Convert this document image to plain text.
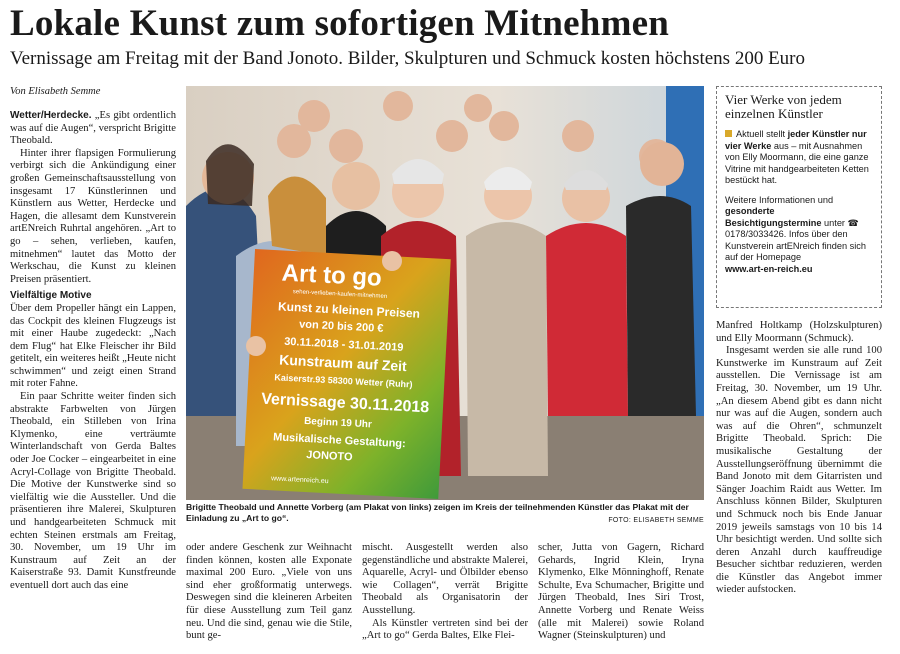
Lokale Kunst zum sofortigen Mitnehmen
Vernissage am Freitag mit der Band Jonoto. Bilder, Skulpturen und Schmuck kosten höchstens 200 Euro
Von Elisabeth Semme

Wetter/Herdecke. „Es gibt ordentlich was auf die Augen“, verspricht Brigitte Theobald.

Hinter ihrer flapsigen Formulierung verbirgt sich die Ankündigung einer großen Gemeinschaftsausstellung von insgesamt 17 Künstlerinnen und Künstlern aus Wetter, Herdecke und Hagen, die allesamt dem Kunstverein artENreich Ruhrtal angehören. „Art to go – sehen, verlieben, kaufen, mitnehmen“ lautet das Motto der Werkschau, die Kunst zu kleinen Preisen präsentiert.

Vielfältige Motive

Über dem Propeller hängt ein Lappen, das Cockpit des kleinen Flugzeugs ist mit einer Haube zugedeckt: „Nach dem Flug“ hat Elke Fleischer ihr Bild getitelt, ein weiteres heißt „Heute nicht schwimmen“ und zeigt einen Strand mit roter Fahne.

Ein paar Schritte weiter finden sich abstrakte Farbwelten von Jürgen Theobald, ein Stilleben von Irina Klymenko, eine verträumte Winterlandschaft von Gerda Baltes oder Joe Cocker – eingearbeitet in eine Acryl-Collage von Brigitte Theobald. Die Motive der Kunstwerke sind so vielfältig wie die Aussteller. Und die präsentieren ihre Malerei, Skulpturen und handgearbeiteten Schmuck mit echten Steinen erstmals am Freitag, 30. November, um 19 Uhr im Kunstraum auf Zeit an der Kaiserstraße 93. Damit Kunstfreunde eventuell dort auch das eine

Art to go
sehen-verlieben-kaufen-mitnehmen
Kunst zu kleinen Preisen
von 20 bis 200 €
30.11.2018 - 31.01.2019
Kunstraum auf Zeit
Kaiserstr.93 58300 Wetter (Ruhr)
Vernissage 30.11.2018
Beginn 19 Uhr
Musikalische Gestaltung:
JONOTO
www.artenreich.eu
Brigitte Theobald und Annette Vorberg (am Plakat von links) zeigen im Kreis der teilnehmenden Künstler das Plakat mit der Einladung zu „Art to go“.	FOTO: ELISABETH SEMME
Vier Werke von jedem einzelnen Künstler

Aktuell stellt jeder Künstler nur vier Werke aus – mit Ausnahmen von Elly Moormann, die eine ganze Vitrine mit handgearbeiteten Ketten bestückt hat.

Weitere Informationen und gesonderte Besichtigungstermine unter ☎ 0178/3033426. Infos über den Kunstverein artENreich finden sich auf der Homepage
www.art-en-reich.eu

Manfred Holtkamp (Holzskulpturen) und Elly Moormann (Schmuck).

Insgesamt werden sie alle rund 100 Kunstwerke im Kunstraum auf Zeit ausstellen. Die Vernissage ist am Freitag, 30. November, um 19 Uhr. „An diesem Abend gibt es dann nicht nur was auf die Augen, sondern auch was auf die Ohren“, schmunzelt Brigitte Theobald. Sprich: Die musikalische Gestaltung der Ausstellungseröffnung übernimmt die Band Jonoto mit dem Gitarristen und Sänger Joachim Raidt aus Wetter. Im Anschluss können Bilder, Skulpturen und Schmuck noch bis Ende Januar 2019 jeweils samstags von 10 bis 14 Uhr besichtigt werden. Und sollte sich deren Anzahl durch kauffreudige Besucher sichtbar reduzieren, werden die Künstler das Angebot immer wieder aufstocken.

oder andere Geschenk zur Weihnacht finden können, kosten alle Exponate maximal 200 Euro. „Viele von uns sind eher großformatig unterwegs. Deswegen sind die kleineren Arbeiten für diese Ausstellung zum Teil ganz neu. Und die sind, genau wie die Stile, bunt ge-

mischt. Ausgestellt werden also gegenständliche und abstrakte Malerei, Aquarelle, Acryl- und Ölbilder ebenso wie Collagen“, verrät Brigitte Theobald als Organisatorin der Ausstellung.

Als Künstler vertreten sind bei der „Art to go“ Gerda Baltes, Elke Flei-

scher, Jutta von Gagern, Richard Gehards, Ingrid Klein, Iryna Klymenko, Elke Mönninghoff, Renate Schulte, Eva Schumacher, Brigitte und Jürgen Theobald, Ines Siri Trost, Annette Vorberg und Renate Weiss (alle mit Malerei) sowie Roland Wagner (Steinskulpturen) und
